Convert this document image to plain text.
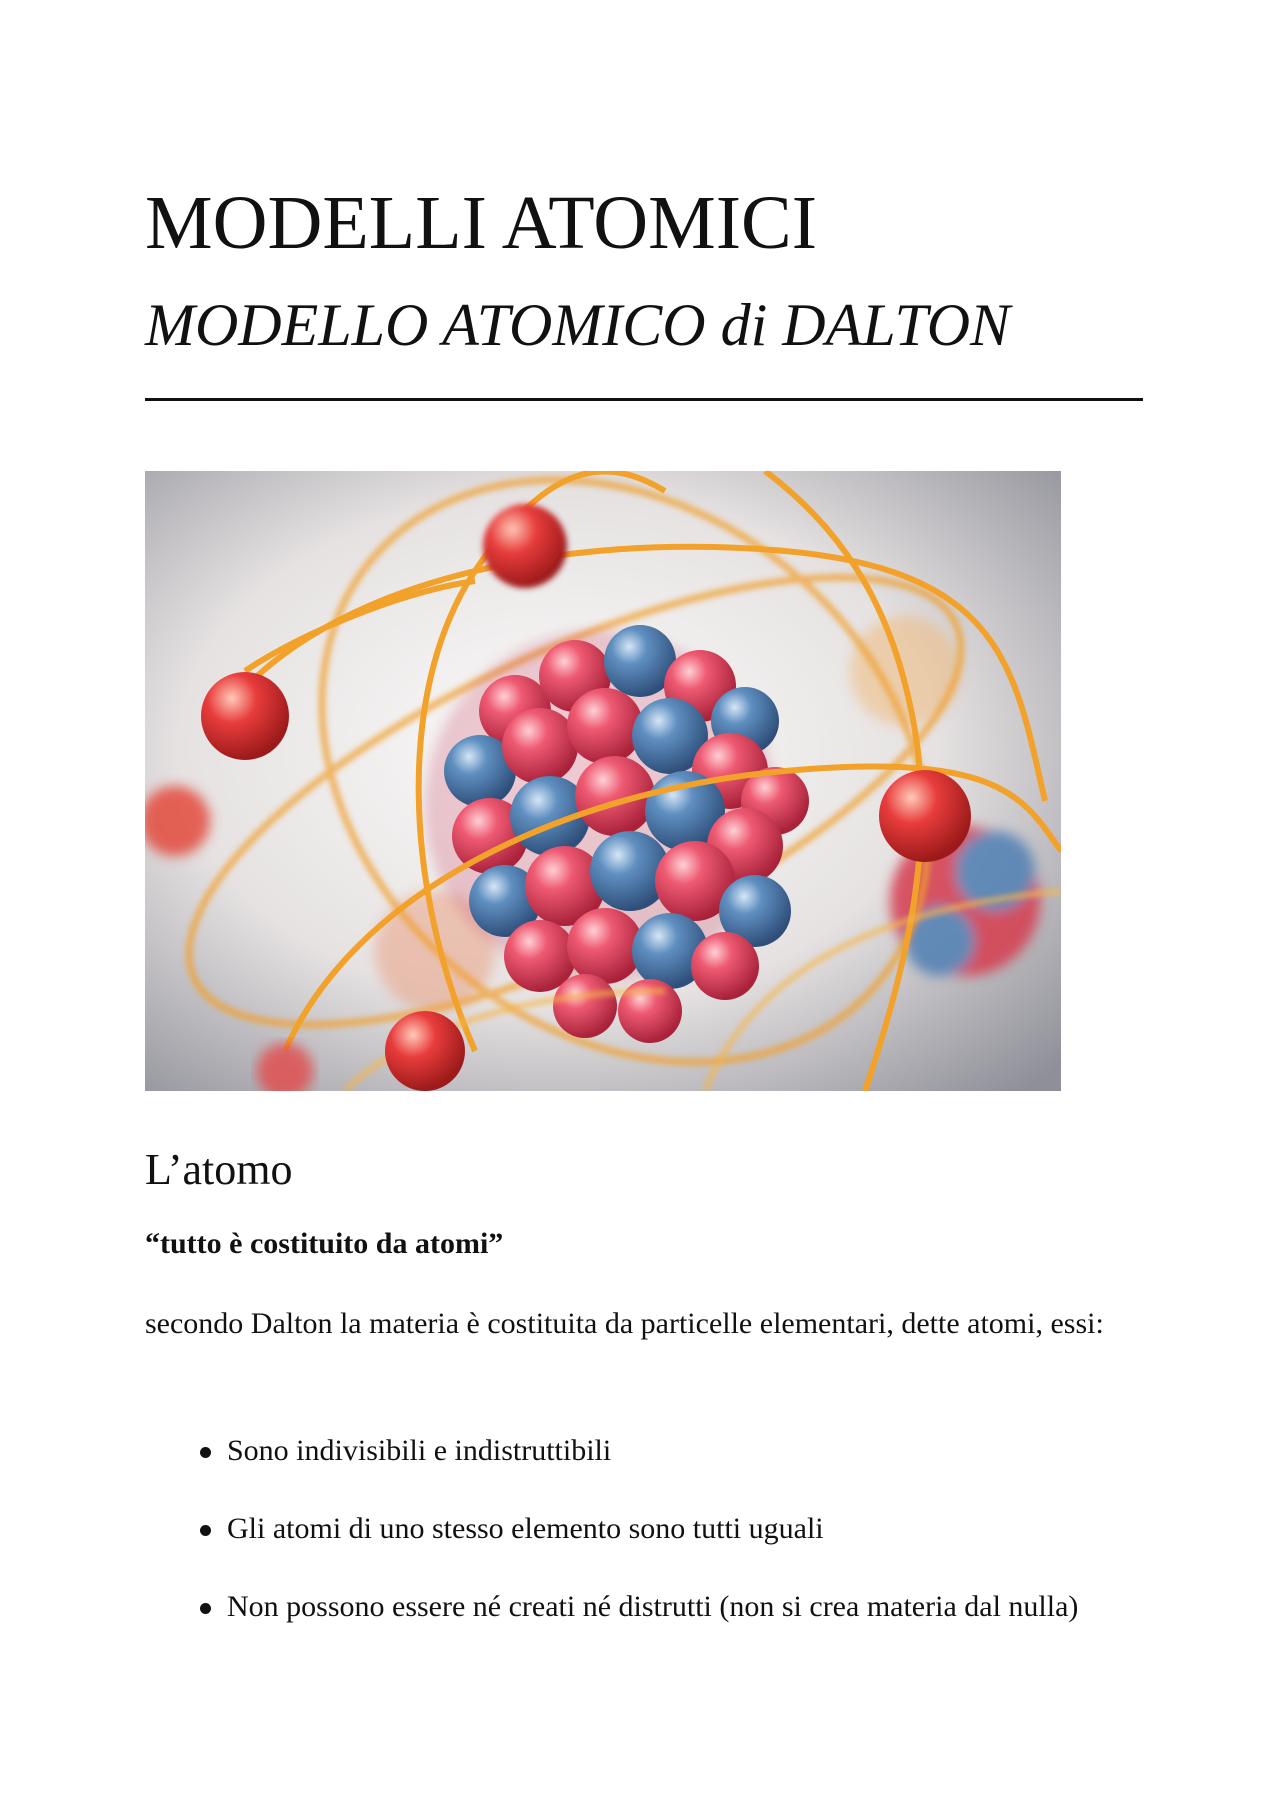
MODELLI ATOMICI
MODELLO ATOMICO di DALTON
L’atomo

“tutto è costituito da atomi”

secondo Dalton la materia è costituita da particelle elementari, dette atomi, essi:

Sono indivisibili e indistruttibili
Gli atomi di uno stesso elemento sono tutti uguali
Non possono essere né creati né distrutti (non si crea materia dal nulla)
